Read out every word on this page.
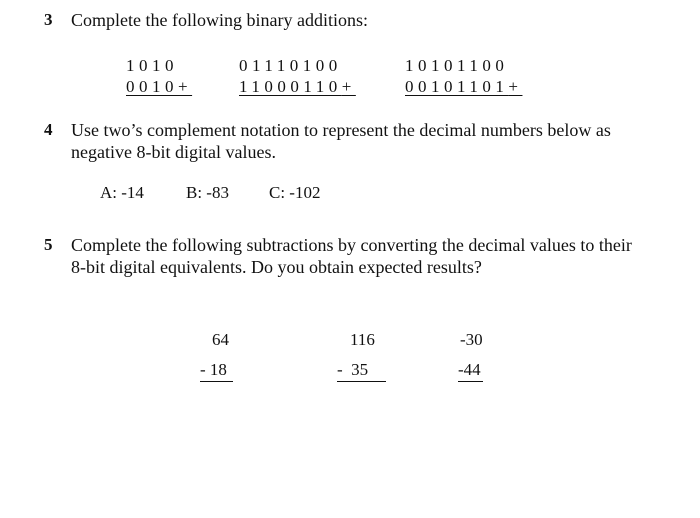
3 Complete the following binary additions:
1010
0010+
01110100
11000110+
10101100
00101101+
4 Use two’s complement notation to represent the decimal numbers below as
negative 8-bit digital values.
A: -14 B: -83 C: -102
5 Complete the following subtractions by converting the decimal values to their
8-bit digital equivalents. Do you obtain expected results?
64
- 18
116
-  35
-30
-44
